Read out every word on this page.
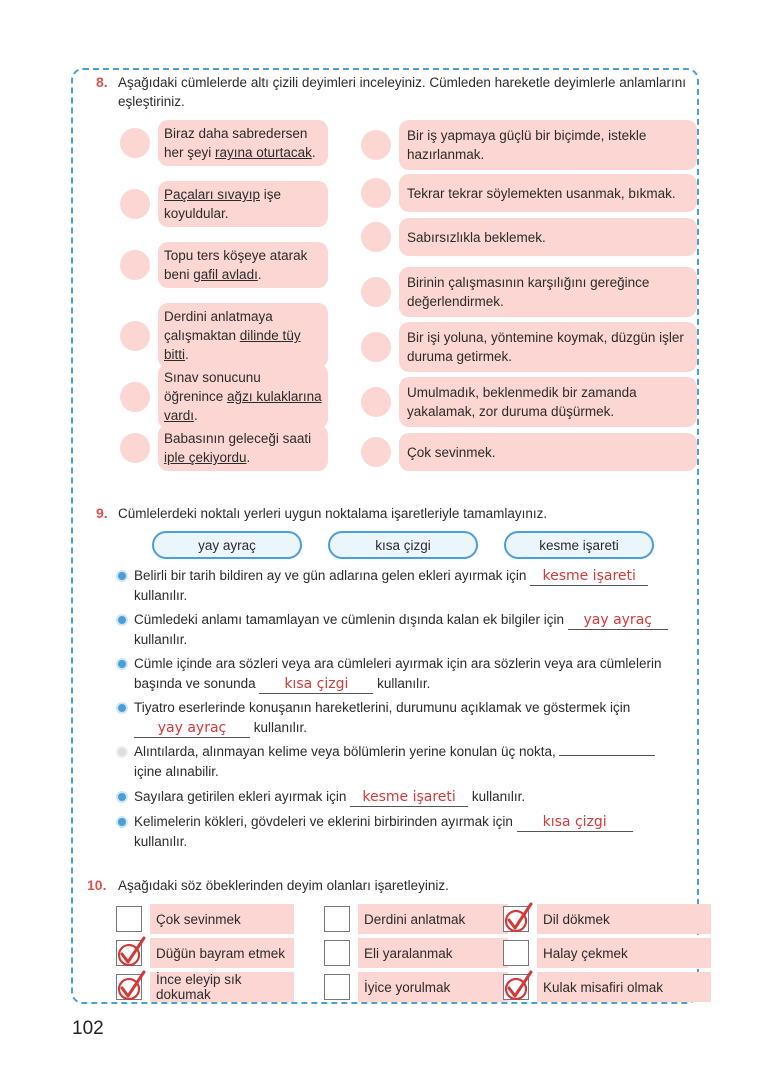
8. Aşağıdaki cümlelerde altı çizili deyimleri inceleyiniz. Cümleden hareketle deyimlerle anlamlarını eşleştiriniz.
Biraz daha sabredersen her şeyi rayına oturtacak.
Paçaları sıvayıp işe koyuldular.
Topu ters köşeye atarak beni gafil avladı.
Derdini anlatmaya çalışmaktan dilinde tüy bitti.
Sınav sonucunu öğrenince ağzı kulaklarına vardı.
Babasının geleceği saati iple çekiyordu.
Bir iş yapmaya güçlü bir biçimde, istekle hazırlanmak.
Tekrar tekrar söylemekten usanmak, bıkmak.
Sabırsızlıkla beklemek.
Birinin çalışmasının karşılığını gereğince değerlendirmek.
Bir işi yoluna, yöntemine koymak, düzgün işler duruma getirmek.
Umulmadık, beklenmedik bir zamanda yakalamak, zor duruma düşürmek.
Çok sevinmek.
9. Cümlelerdeki noktalı yerleri uygun noktalama işaretleriyle tamamlayınız.
yay ayraç	kısa çizgi	kesme işareti
Belirli bir tarih bildiren ay ve gün adlarına gelen ekleri ayırmak için kesme işareti
kullanılır.
Cümledeki anlamı tamamlayan ve cümlenin dışında kalan ek bilgiler için yay ayraç
kullanılır.
Cümle içinde ara sözleri veya ara cümleleri ayırmak için ara sözlerin veya ara cümlelerin başında ve sonunda kısa çizgi kullanılır.
Tiyatro eserlerinde konuşanın hareketlerini, durumunu açıklamak ve göstermek için yay ayraç kullanılır.
Alıntılarda, alınmayan kelime veya bölümlerin yerine konulan üç nokta,
içine alınabilir.
Sayılara getirilen ekleri ayırmak için kesme işareti kullanılır.
Kelimelerin kökleri, gövdeleri ve eklerini birbirinden ayırmak için kısa çizgi
kullanılır.
10. Aşağıdaki söz öbeklerinden deyim olanları işaretleyiniz.
Çok sevinmek	Derdini anlatmak	Dil dökmek
Düğün bayram etmek	Eli yaralanmak	Halay çekmek
İnce eleyip sık dokumak	İyice yorulmak	Kulak misafiri olmak
102
